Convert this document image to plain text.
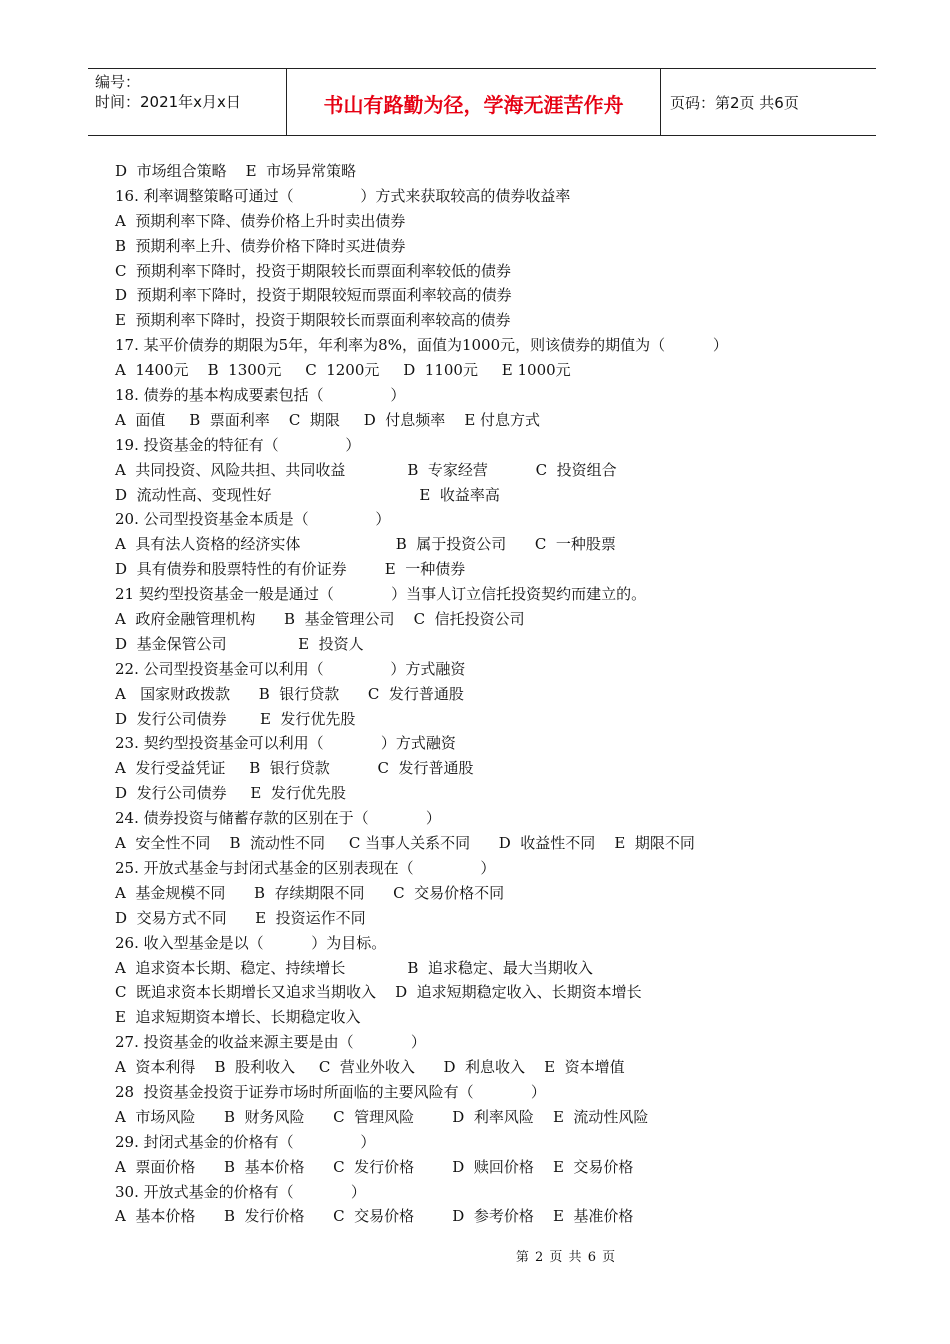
编号：
时间：2021年x月x日	书山有路勤为径，学海无涯苦作舟	页码：第2页 共6页
D  市场组合策略    E  市场异常策略
16. 利率调整策略可通过（              ）方式来获取较高的债券收益率
A  预期利率下降、债券价格上升时卖出债券
B  预期利率上升、债券价格下降时买进债券
C  预期利率下降时，投资于期限较长而票面利率较低的债券
D  预期利率下降时，投资于期限较短而票面利率较高的债券
E  预期利率下降时，投资于期限较长而票面利率较高的债券
17. 某平价债券的期限为5年，年利率为8%，面值为1000元，则该债券的期值为（          ）
A  1400元    B  1300元     C  1200元     D  1100元     E 1000元
18. 债券的基本构成要素包括（              ）
A  面值     B  票面利率    C  期限     D  付息频率    E 付息方式
19. 投资基金的特征有（              ）
A  共同投资、风险共担、共同收益             B  专家经营          C  投资组合
D  流动性高、变现性好                               E  收益率高
20. 公司型投资基金本质是（              ）
A  具有法人资格的经济实体                    B  属于投资公司      C  一种股票
D  具有债券和股票特性的有价证券        E  一种债券
21 契约型投资基金一般是通过（            ）当事人订立信托投资契约而建立的。
A  政府金融管理机构      B  基金管理公司    C  信托投资公司
D  基金保管公司               E  投资人
22. 公司型投资基金可以利用（              ）方式融资
A   国家财政拨款      B  银行贷款      C  发行普通股
D  发行公司债券       E  发行优先股
23. 契约型投资基金可以利用（            ）方式融资
A  发行受益凭证     B  银行贷款          C  发行普通股
D  发行公司债券     E  发行优先股
24. 债券投资与储蓄存款的区别在于（            ）
A  安全性不同    B  流动性不同     C 当事人关系不同      D  收益性不同    E  期限不同
25. 开放式基金与封闭式基金的区别表现在（              ）
A  基金规模不同      B  存续期限不同      C  交易价格不同
D  交易方式不同      E  投资运作不同
26. 收入型基金是以（          ）为目标。
A  追求资本长期、稳定、持续增长             B  追求稳定、最大当期收入
C  既追求资本长期增长又追求当期收入    D  追求短期稳定收入、长期资本增长
E  追求短期资本增长、长期稳定收入
27. 投资基金的收益来源主要是由（            ）
A  资本利得    B  股利收入     C  营业外收入      D  利息收入    E  资本增值
28  投资基金投资于证券市场时所面临的主要风险有（            ）
A  市场风险      B  财务风险      C  管理风险        D  利率风险    E  流动性风险
29. 封闭式基金的价格有（              ）
A  票面价格      B  基本价格      C  发行价格        D  赎回价格    E  交易价格
30. 开放式基金的价格有（            ）
A  基本价格      B  发行价格      C  交易价格        D  参考价格    E  基准价格
第 2 页 共 6 页
